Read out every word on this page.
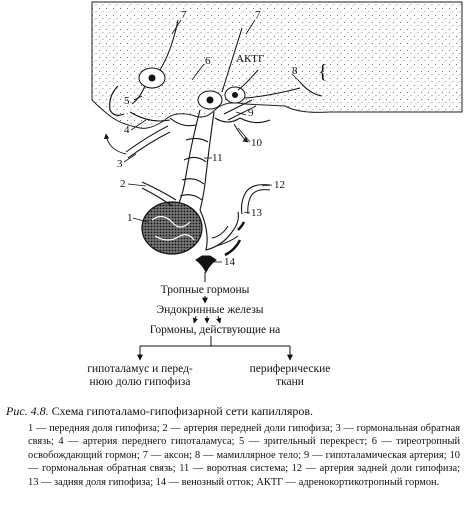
1
2
3
4
5
6
7	7
8
9
10
11
12
13
14
АКТГ
{
Тропные гормоны
Эндокринные железы
Гормоны, действующие на
гипоталамус и перед-
нюю долю гипофиза
периферические
ткани

Рис. 4.8. Схема гипоталамо-гипофизарной сети капилляров.

1 — передняя доля гипофиза; 2 — артерия передней доли гипофиза; 3 — гормональная обратная связь; 4 — артерия переднего гипоталамуса; 5 — зрительный перекрест; 6 — тиреотропный освобождающий гормон; 7 — аксон; 8 — мамиллярное тело; 9 — гипоталамическая артерия; 10 — гормональная обратная связь; 11 — воротная система; 12 — артерия задней доли гипофиза; 13 — задняя доля гипофиза; 14 — венозный отток; АКТГ — адренокортикотропный гормон.
